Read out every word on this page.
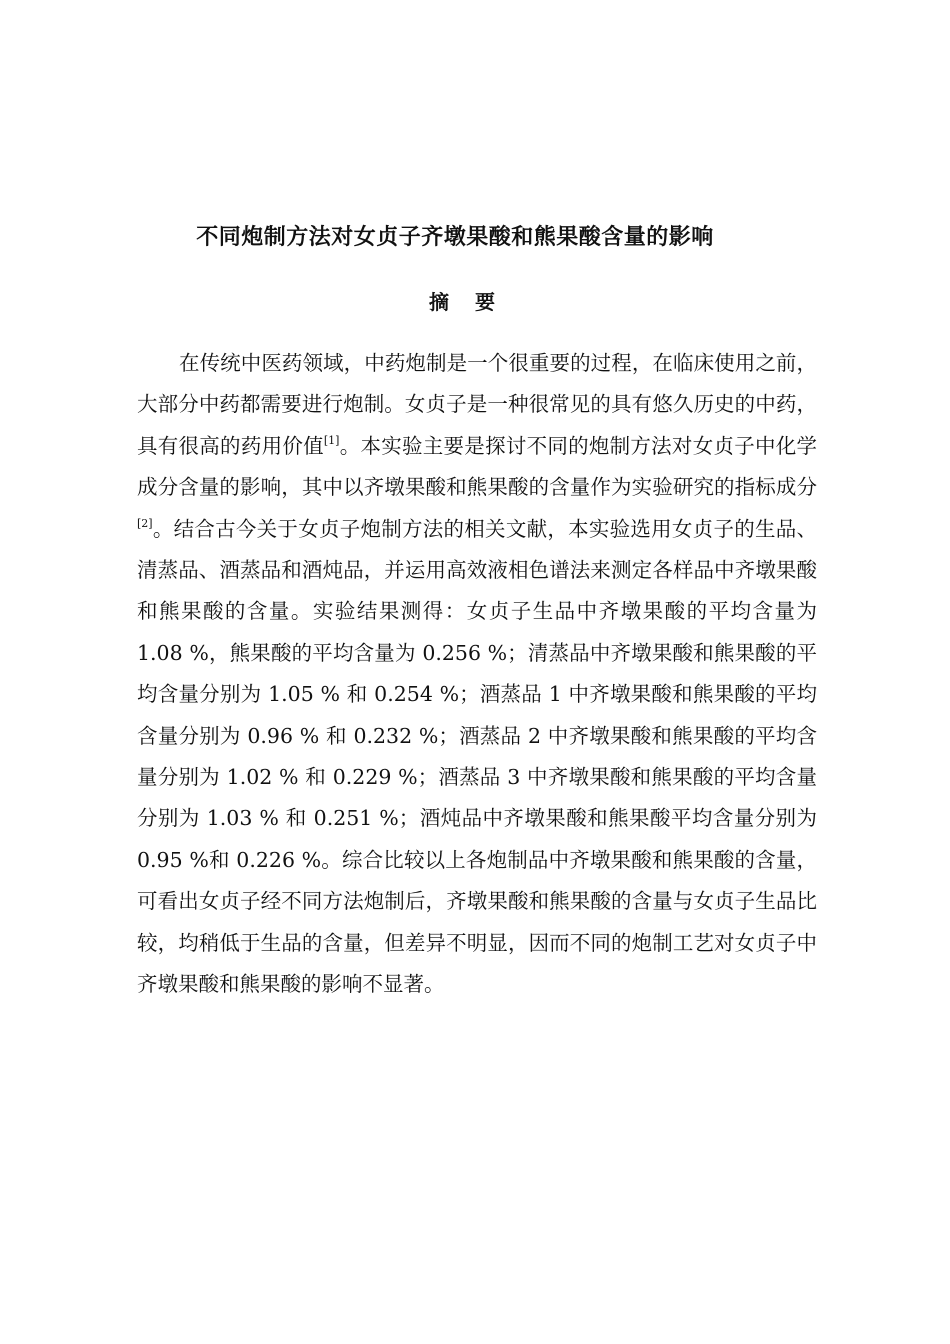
不同炮制方法对女贞子齐墩果酸和熊果酸含量的影响
摘要

在传统中医药领域，中药炮制是一个很重要的过程，在临床使用之前，大部分中药都需要进行炮制。女贞子是一种很常见的具有悠久历史的中药，具有很高的药用价值[1]。本实验主要是探讨不同的炮制方法对女贞子中化学成分含量的影响，其中以齐墩果酸和熊果酸的含量作为实验研究的指标成分[2]。结合古今关于女贞子炮制方法的相关文献，本实验选用女贞子的生品、清蒸品、酒蒸品和酒炖品，并运用高效液相色谱法来测定各样品中齐墩果酸和熊果酸的含量。实验结果测得：女贞子生品中齐墩果酸的平均含量为 1.08 %，熊果酸的平均含量为 0.256 %；清蒸品中齐墩果酸和熊果酸的平均含量分别为 1.05 % 和 0.254 %；酒蒸品 1 中齐墩果酸和熊果酸的平均含量分别为 0.96 % 和 0.232 %；酒蒸品 2 中齐墩果酸和熊果酸的平均含量分别为 1.02 % 和 0.229 %；酒蒸品 3 中齐墩果酸和熊果酸的平均含量分别为 1.03 % 和 0.251 %；酒炖品中齐墩果酸和熊果酸平均含量分别为 0.95 %和 0.226 %。综合比较以上各炮制品中齐墩果酸和熊果酸的含量，可看出女贞子经不同方法炮制后，齐墩果酸和熊果酸的含量与女贞子生品比较，均稍低于生品的含量，但差异不明显，因而不同的炮制工艺对女贞子中齐墩果酸和熊果酸的影响不显著。
